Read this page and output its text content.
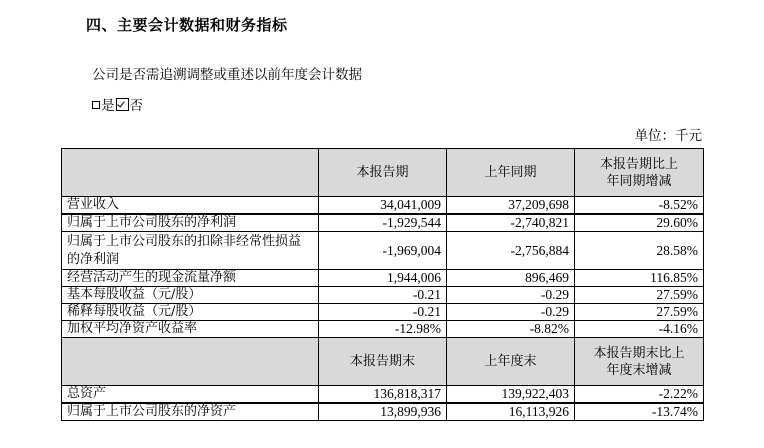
四、主要会计数据和财务指标
公司是否需追溯调整或重述以前年度会计数据
是 否
单位：千元
	本报告期	上年同期	本报告期比上年同期增减
营业收入	34,041,009	37,209,698	-8.52%
归属于上市公司股东的净利润	-1,929,544	-2,740,821	29.60%
归属于上市公司股东的扣除非经常性损益的净利润	-1,969,004	-2,756,884	28.58%
经营活动产生的现金流量净额	1,944,006	896,469	116.85%
基本每股收益（元/股）	-0.21	-0.29	27.59%
稀释每股收益（元/股）	-0.21	-0.29	27.59%
加权平均净资产收益率	-12.98%	-8.82%	-4.16%
	本报告期末	上年度末	本报告期末比上年度末增减
总资产	136,818,317	139,922,403	-2.22%
归属于上市公司股东的净资产	13,899,936	16,113,926	-13.74%
